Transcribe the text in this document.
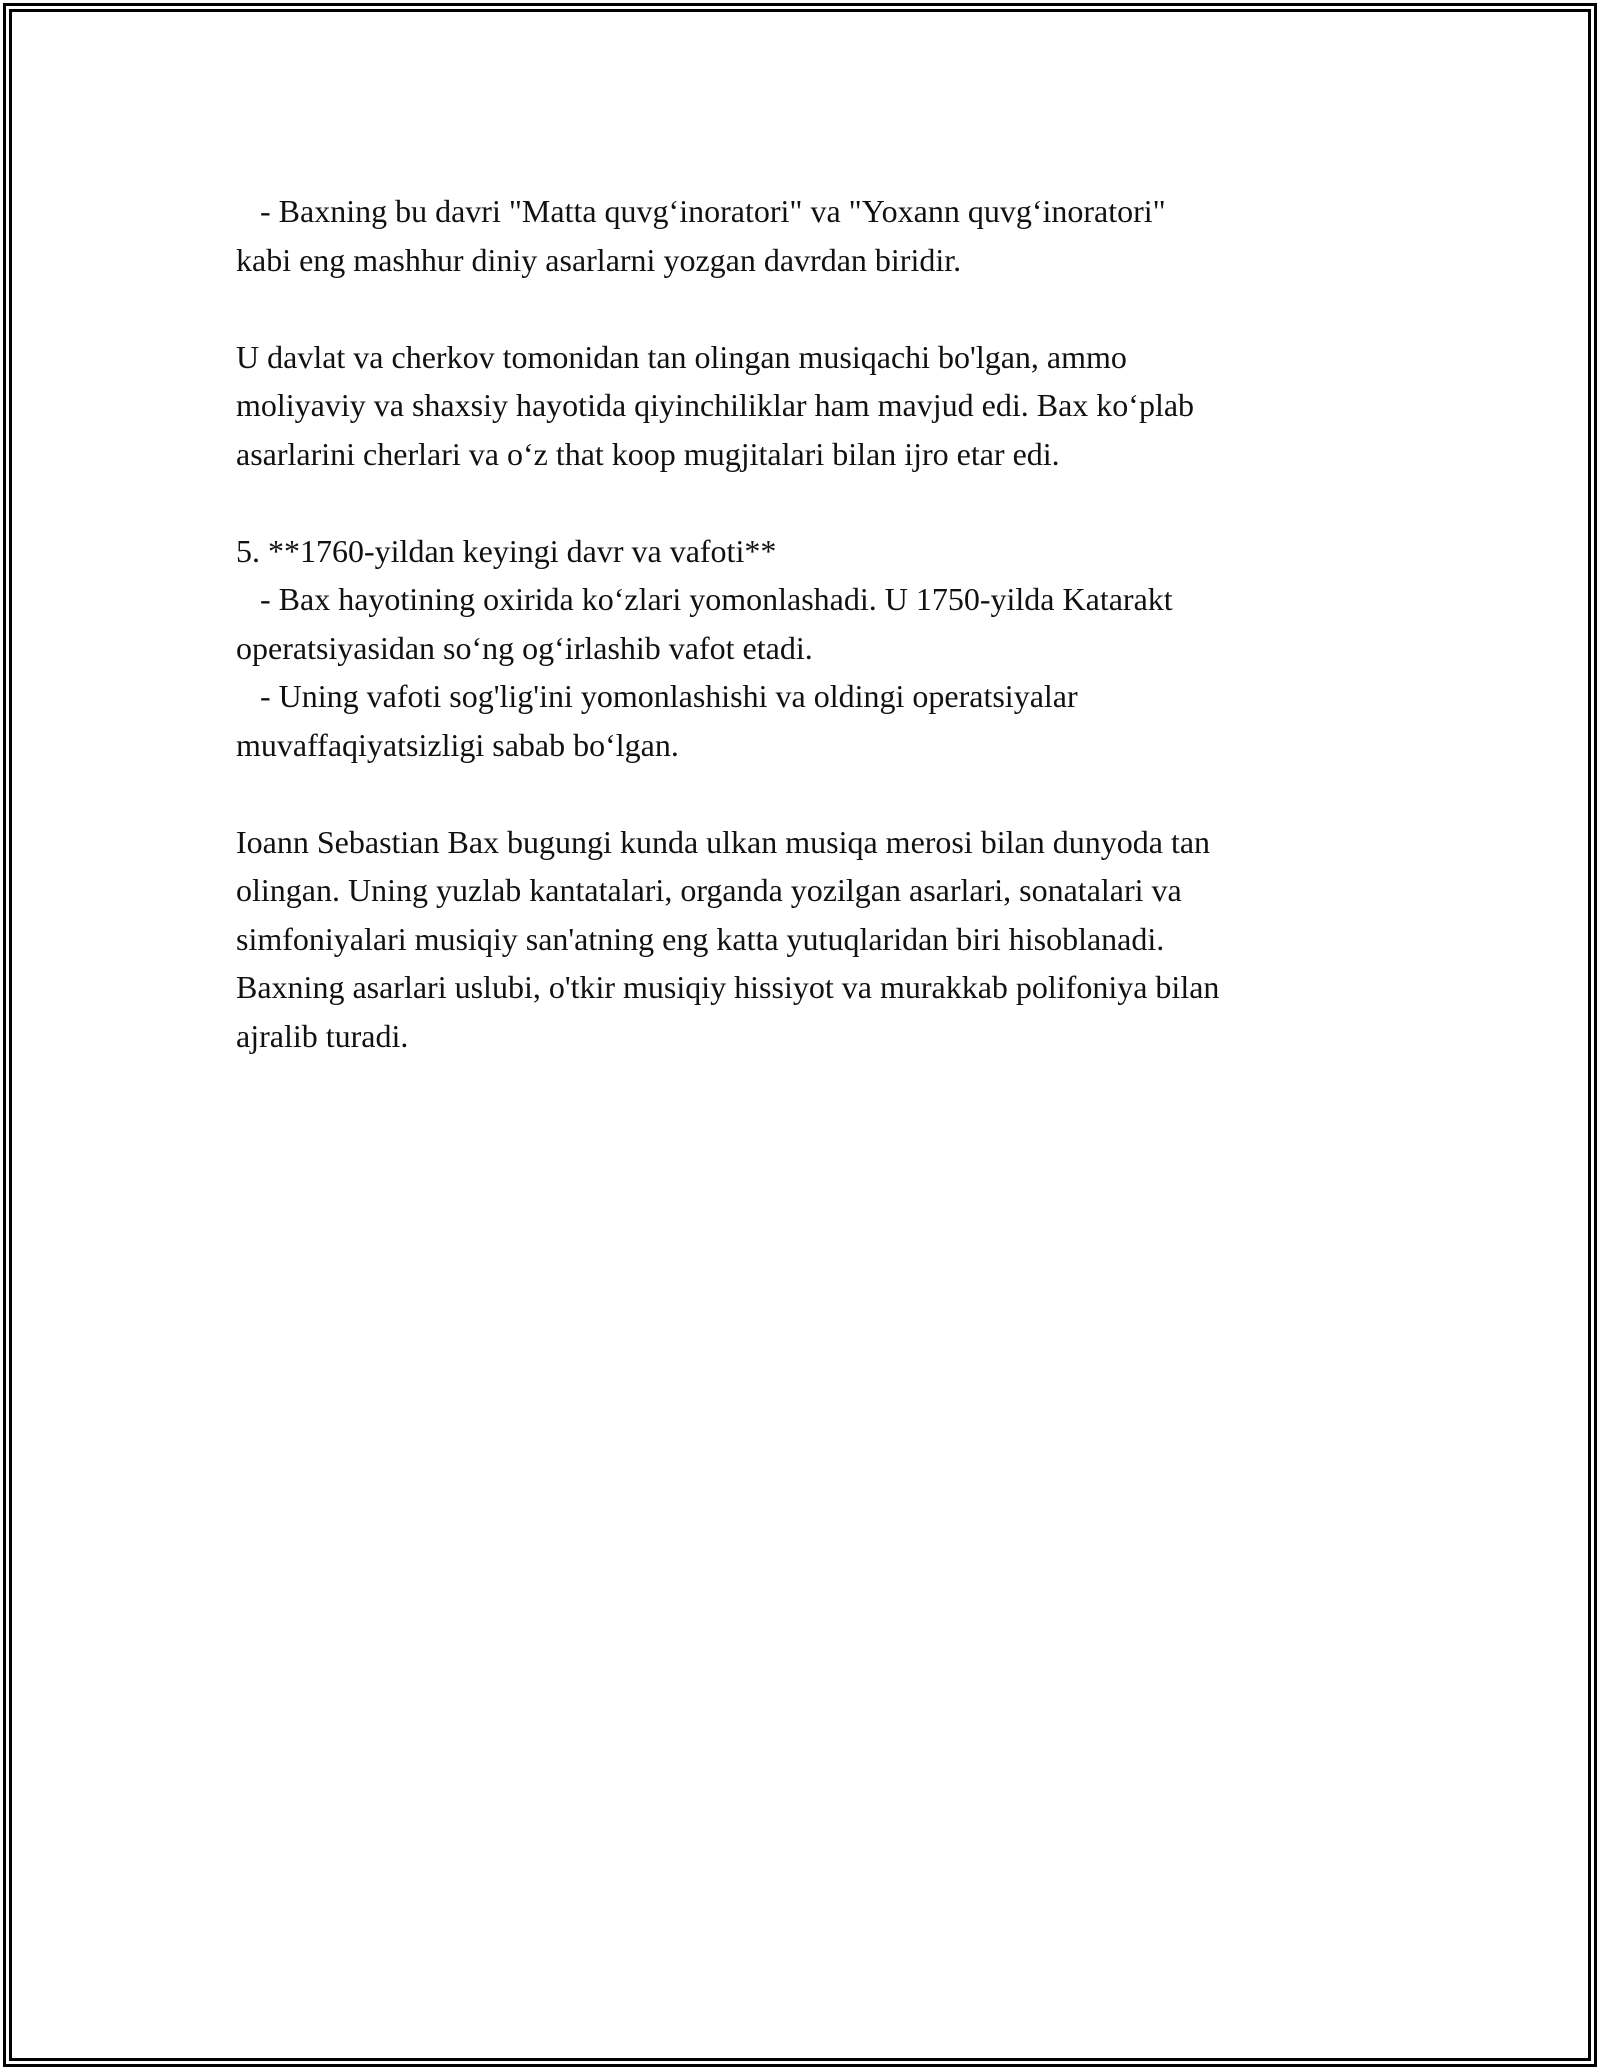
- Baxning bu davri "Matta quvg‘inoratori" va "Yoxann quvg‘inoratori"
kabi eng mashhur diniy asarlarni yozgan davrdan biridir.
U davlat va cherkov tomonidan tan olingan musiqachi bo'lgan, ammo
moliyaviy va shaxsiy hayotida qiyinchiliklar ham mavjud edi. Bax ko‘plab
asarlarini cherlari va o‘z that koop mugjitalari bilan ijro etar edi.
5. **1760-yildan keyingi davr va vafoti**
- Bax hayotining oxirida ko‘zlari yomonlashadi. U 1750-yilda Katarakt
operatsiyasidan so‘ng og‘irlashib vafot etadi.
- Uning vafoti sog'lig'ini yomonlashishi va oldingi operatsiyalar
muvaffaqiyatsizligi sabab bo‘lgan.
Ioann Sebastian Bax bugungi kunda ulkan musiqa merosi bilan dunyoda tan
olingan. Uning yuzlab kantatalari, organda yozilgan asarlari, sonatalari va
simfoniyalari musiqiy san'atning eng katta yutuqlaridan biri hisoblanadi.
Baxning asarlari uslubi, o'tkir musiqiy hissiyot va murakkab polifoniya bilan
ajralib turadi.
